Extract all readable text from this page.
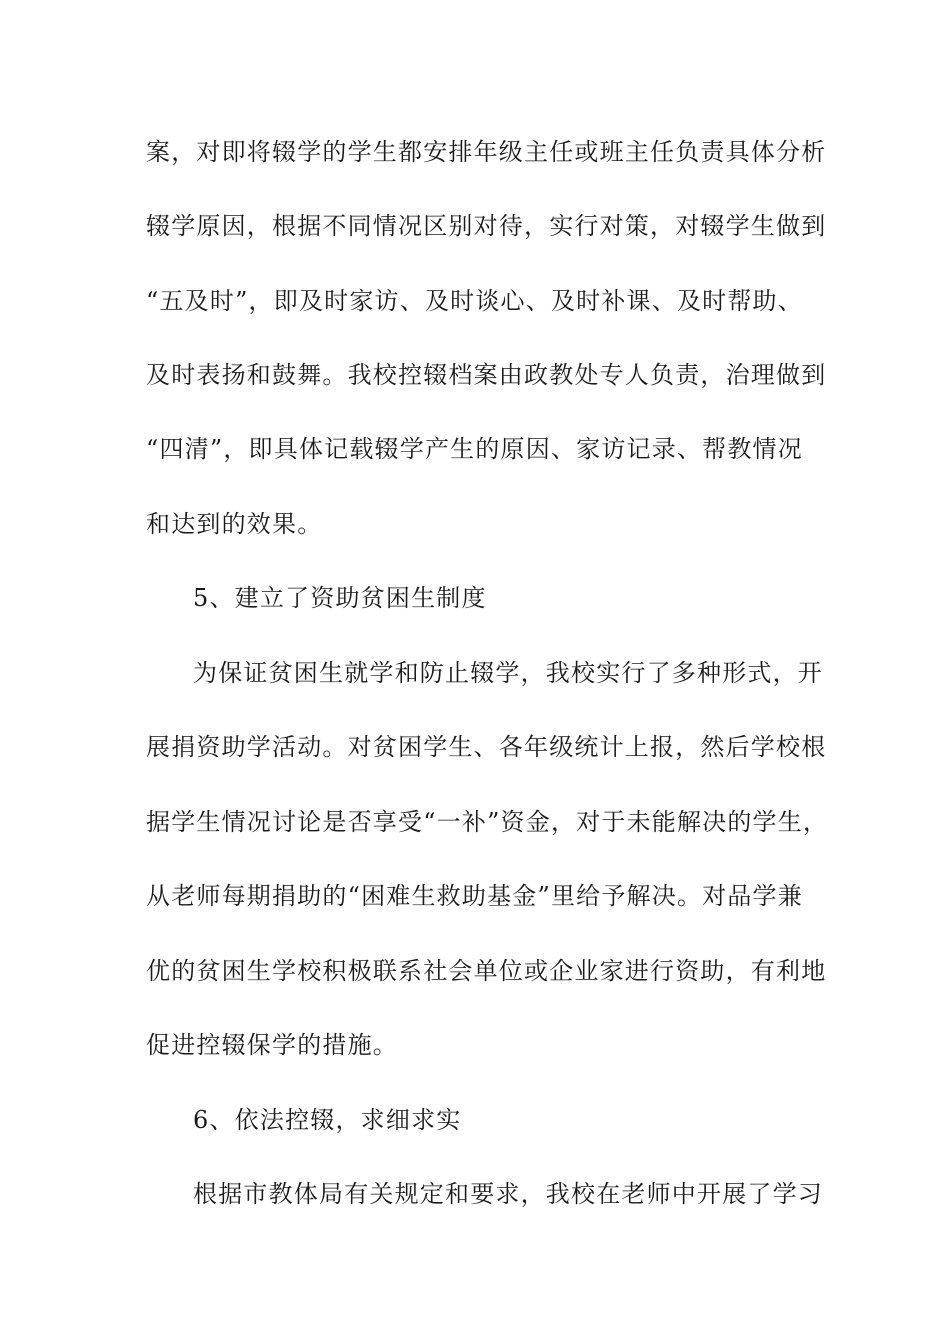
案，对即将辍学的学生都安排年级主任或班主任负责具体分析
辍学原因，根据不同情况区别对待，实行对策，对辍学生做到
“五及时”，即及时家访、及时谈心、及时补课、及时帮助、
及时表扬和鼓舞。我校控辍档案由政教处专人负责，治理做到
“四清”，即具体记载辍学产生的原因、家访记录、帮教情况
和达到的效果。
5、建立了资助贫困生制度
为保证贫困生就学和防止辍学，我校实行了多种形式，开
展捐资助学活动。对贫困学生、各年级统计上报，然后学校根
据学生情况讨论是否享受“一补”资金，对于未能解决的学生，
从老师每期捐助的“困难生救助基金”里给予解决。对品学兼
优的贫困生学校积极联系社会单位或企业家进行资助，有利地
促进控辍保学的措施。
6、依法控辍，求细求实
根据市教体局有关规定和要求，我校在老师中开展了学习
